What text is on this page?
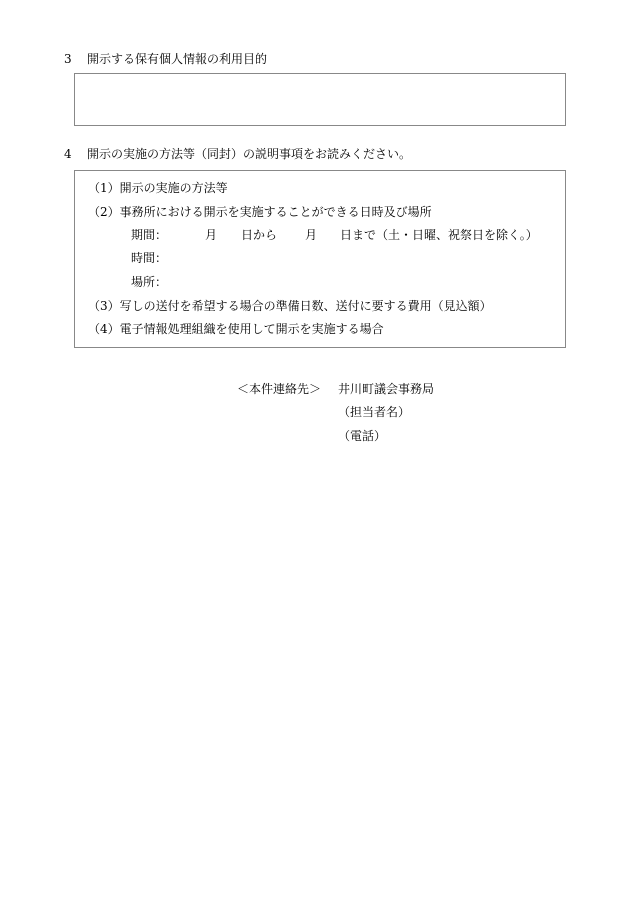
3 開示する保有個人情報の利用目的
4 開示の実施の方法等（同封）の説明事項をお読みください。
（1）開示の実施の方法等
（2）事務所における開示を実施することができる日時及び場所
期間：	月 日から 月 日まで（土・日曜、祝祭日を除く。）
時間：
場所：
（3）写しの送付を希望する場合の準備日数、送付に要する費用（見込額）
（4）電子情報処理組織を使用して開示を実施する場合
＜本件連絡先＞ 井川町議会事務局
（担当者名）
（電話）
